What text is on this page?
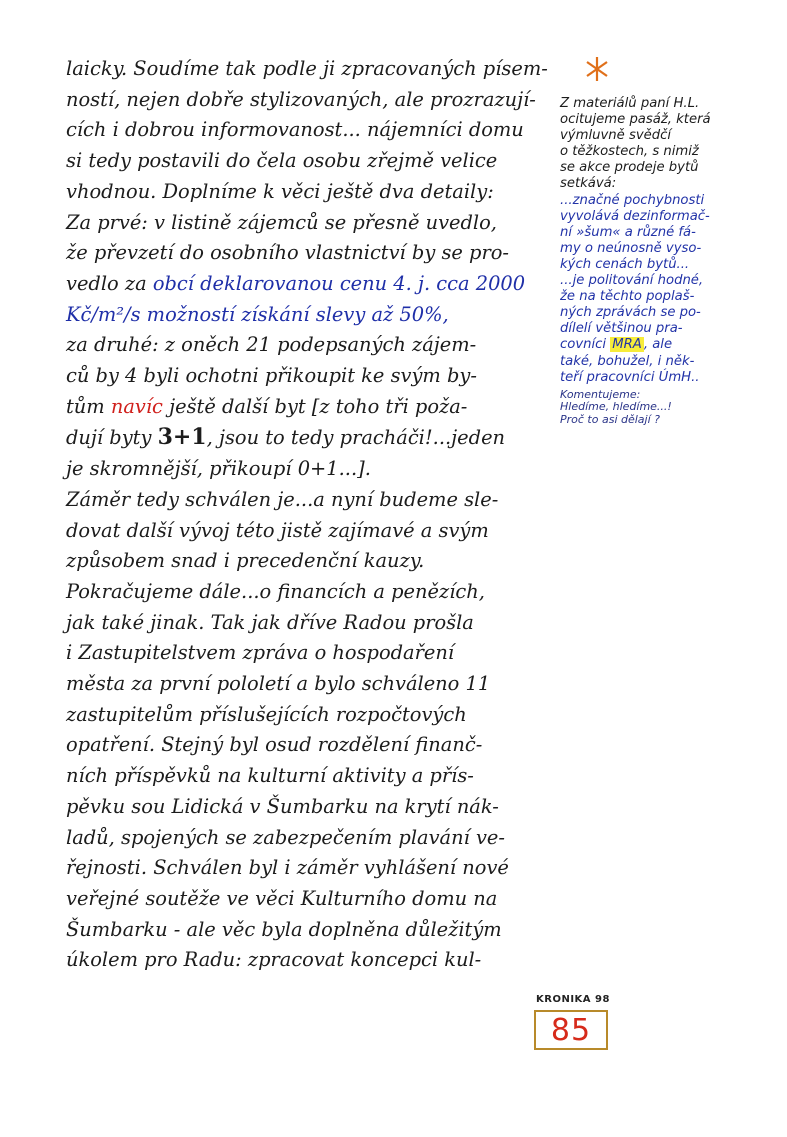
laicky. Soudíme tak podle ji zpracovaných písem-
ností, nejen dobře stylizovaných, ale prozrazují-
cích i dobrou informovanost... nájemníci domu
si tedy postavili do čela osobu zřejmě velice
vhodnou. Doplníme k věci ještě dva detaily:
Za prvé: v listině zájemců se přesně uvedlo,
že převzetí do osobního vlastnictví by se pro-
vedlo za obcí deklarovanou cenu 4. j. cca 2000
Kč/m²/s možností získání slevy až 50%,
za druhé: z oněch 21 podepsaných zájem-
ců by 4 byli ochotni přikoupit ke svým by-
tům navíc ještě další byt [z toho tři poža-
dují byty 3+1, jsou to tedy pracháči!...jeden
je skromnější, přikoupí 0+1...].
Záměr tedy schválen je...a nyní budeme sle-
dovat další vývoj této jistě zajímavé a svým
způsobem snad i precedenční kauzy.
Pokračujeme dále...o financích a penězích,
jak také jinak. Tak jak dříve Radou prošla
i Zastupitelstvem zpráva o hospodaření
města za první pololetí a bylo schváleno 11
zastupitelům příslušejících rozpočtových
opatření. Stejný byl osud rozdělení finanč-
ních příspěvků na kulturní aktivity a přís-
pěvku sou Lidická v Šumbarku na krytí nák-
ladů, spojených se zabezpečením plavání ve-
řejnosti. Schválen byl i záměr vyhlášení nové
veřejné soutěže ve věci Kulturního domu na
Šumbarku - ale věc byla doplněna důležitým
úkolem pro Radu: zpracovat koncepci kul-
Z materiálů paní H.L.
ocitujeme pasáž, která
výmluvně svědčí
o těžkostech, s nimiž
se akce prodeje bytů
setkává:
...značné pochybnosti
vyvolává dezinformač-
ní »šum« a různé fá-
my o neúnosně vyso-
kých cenách bytů...
...je politování hodné,
že na těchto poplaš-
ných zprávách se po-
dílelí většinou pra-
covníci MRA , ale
také, bohužel, i něk-
teří pracovníci ÚmH..
Komentujeme:
Hledíme, hledíme...!
Proč to asi dělají ?
KRONIKA 98
85
